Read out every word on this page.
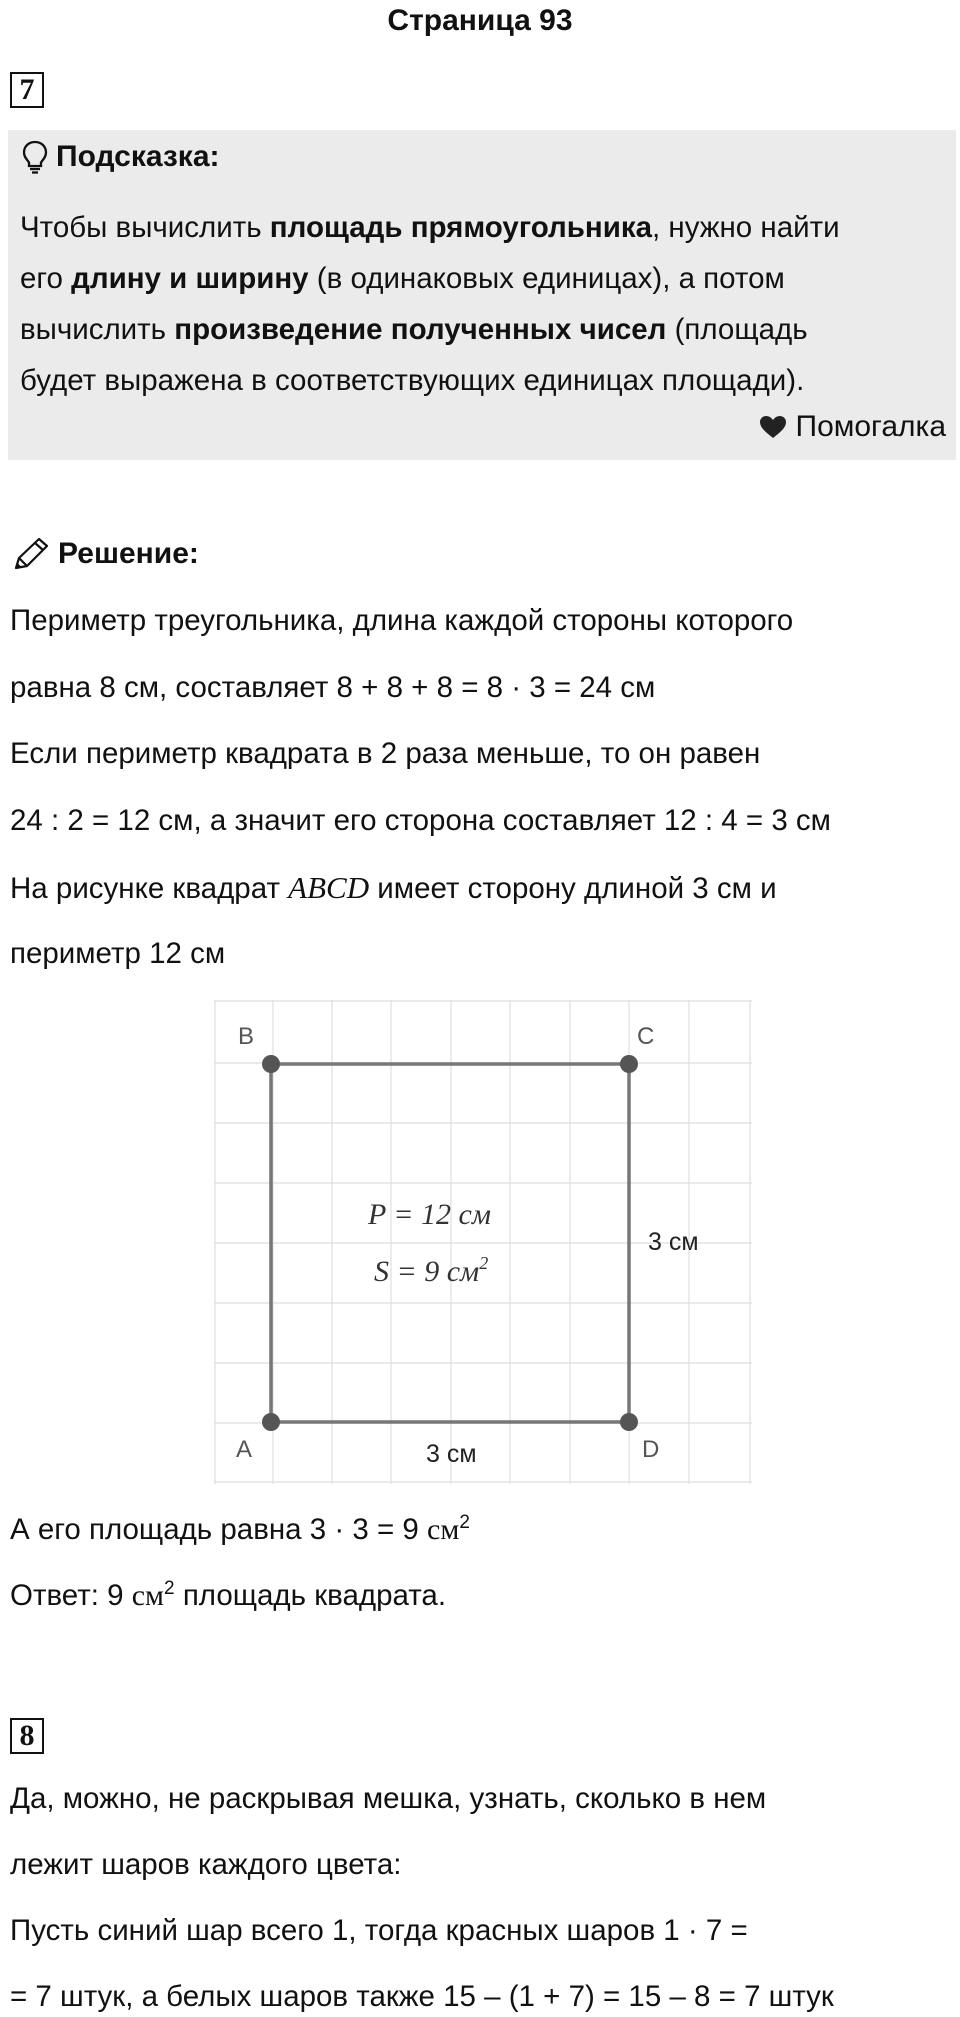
Страница 93
7
Подсказка:
Чтобы вычислить площадь прямоугольника, нужно найти
его длину и ширину (в одинаковых единицах), а потом
вычислить произведение полученных чисел (площадь
будет выражена в соответствующих единицах площади).
Помогалка
Решение:
Периметр треугольника, длина каждой стороны которого
равна 8 см, составляет 8 + 8 + 8 = 8 · 3 = 24 см
Если периметр квадрата в 2 раза меньше, то он равен
24 : 2 = 12 см, а значит его сторона составляет 12 : 4 = 3 см
На рисунке квадрат ABCD имеет сторону длиной 3 см и
периметр 12 см
B	C
A	D
3 см
3 см
P = 12 см
S = 9 $см^2$
А его площадь равна 3 · 3 = 9 $см^2$
Ответ: 9 $см^2$ площадь квадрата.
8
Да, можно, не раскрывая мешка, узнать, сколько в нем
лежит шаров каждого цвета:
Пусть синий шар всего 1, тогда красных шаров 1 · 7 =
= 7 штук, а белых шаров также 15 – (1 + 7) = 15 – 8 = 7 штук
